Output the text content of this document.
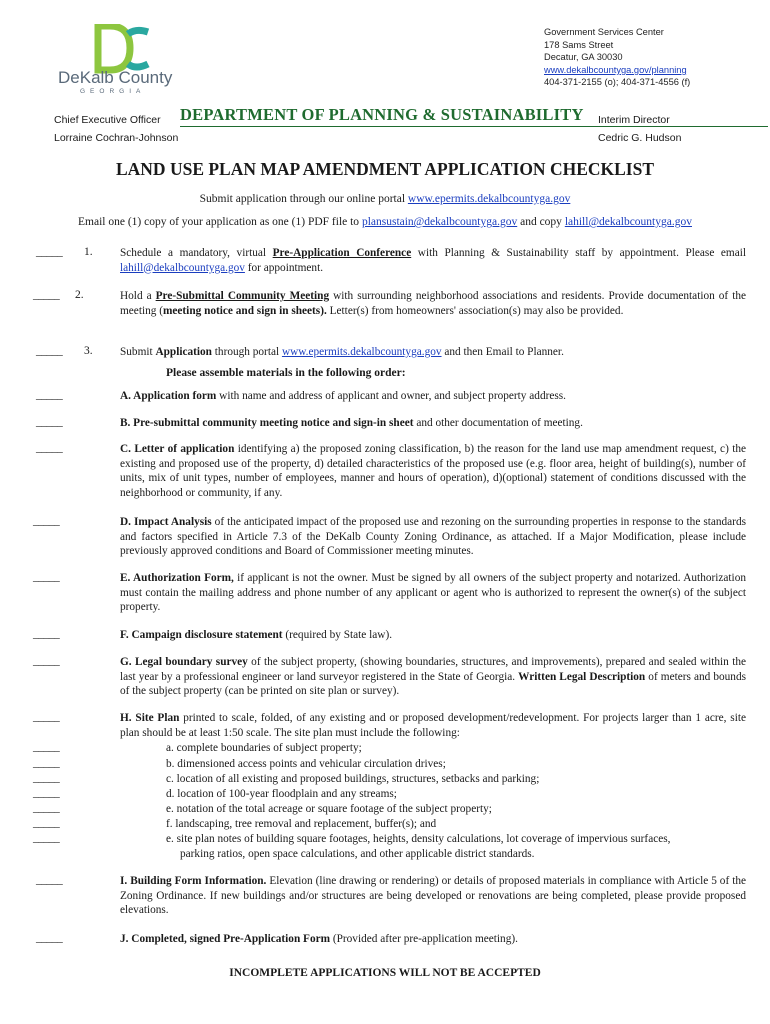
DeKalb County
GEORGIA
Government Services Center
178 Sams Street
Decatur, GA 30030
www.dekalbcountyga.gov/planning
404-371-2155 (o); 404-371-4556 (f)
Chief Executive Officer
Lorraine Cochran-Johnson
DEPARTMENT OF PLANNING & SUSTAINABILITY Interim Director
Cedric G. Hudson
LAND USE PLAN MAP AMENDMENT APPLICATION CHECKLIST
Submit application through our online portal www.epermits.dekalbcountyga.gov
Email one (1) copy of your application as one (1) PDF file to plansustain@dekalbcountyga.gov and copy lahill@dekalbcountyga.gov
_____ 1. Schedule a mandatory, virtual Pre-Application Conference with Planning & Sustainability staff by appointment. Please email lahill@dekalbcountyga.gov for appointment.
_____ 2.	Hold a Pre-Submittal Community Meeting with surrounding neighborhood associations and residents. Provide documentation of the meeting (meeting notice and sign in sheets). Letter(s) from homeowners' association(s) may also be provided.
_____ 3. Submit Application through portal www.epermits.dekalbcountyga.gov and then Email to Planner.
Please assemble materials in the following order:
_____	A. Application form with name and address of applicant and owner, and subject property address.
_____	B. Pre-submittal community meeting notice and sign-in sheet and other documentation of meeting.
_____	C. Letter of application identifying a) the proposed zoning classification, b) the reason for the land use map amendment request, c) the existing and proposed use of the property, d) detailed characteristics of the proposed use (e.g. floor area, height of building(s), number of units, mix of unit types, number of employees, manner and hours of operation), d)(optional) statement of conditions discussed with the neighborhood or community, if any.
_____	D. Impact Analysis of the anticipated impact of the proposed use and rezoning on the surrounding properties in response to the standards and factors specified in Article 7.3 of the DeKalb County Zoning Ordinance, as attached. If a Major Modification, please include previously approved conditions and Board of Commissioner meeting minutes.
_____	E. Authorization Form, if applicant is not the owner. Must be signed by all owners of the subject property and notarized. Authorization must contain the mailing address and phone number of any applicant or agent who is authorized to represent the owner(s) of the subject property.
_____	F. Campaign disclosure statement (required by State law).
_____	G. Legal boundary survey of the subject property, (showing boundaries, structures, and improvements), prepared and sealed within the last year by a professional engineer or land surveyor registered in the State of Georgia. Written Legal Description of meters and bounds of the subject property (can be printed on site plan or survey).
_____	H. Site Plan printed to scale, folded, of any existing and or proposed development/redevelopment. For projects larger than 1 acre, site plan should be at least 1:50 scale. The site plan must include the following:
_____	a. complete boundaries of subject property;
_____	b. dimensioned access points and vehicular circulation drives;
_____	c. location of all existing and proposed buildings, structures, setbacks and parking;
_____	d. location of 100-year floodplain and any streams;
_____	e. notation of the total acreage or square footage of the subject property;
_____	f. landscaping, tree removal and replacement, buffer(s); and
_____	e. site plan notes of building square footages, heights, density calculations, lot coverage of impervious surfaces,
parking ratios, open space calculations, and other applicable district standards.
_____	I. Building Form Information. Elevation (line drawing or rendering) or details of proposed materials in compliance with Article 5 of the Zoning Ordinance. If new buildings and/or structures are being developed or renovations are being completed, please provide proposed elevations.
_____	J. Completed, signed Pre-Application Form (Provided after pre-application meeting).
INCOMPLETE APPLICATIONS WILL NOT BE ACCEPTED
